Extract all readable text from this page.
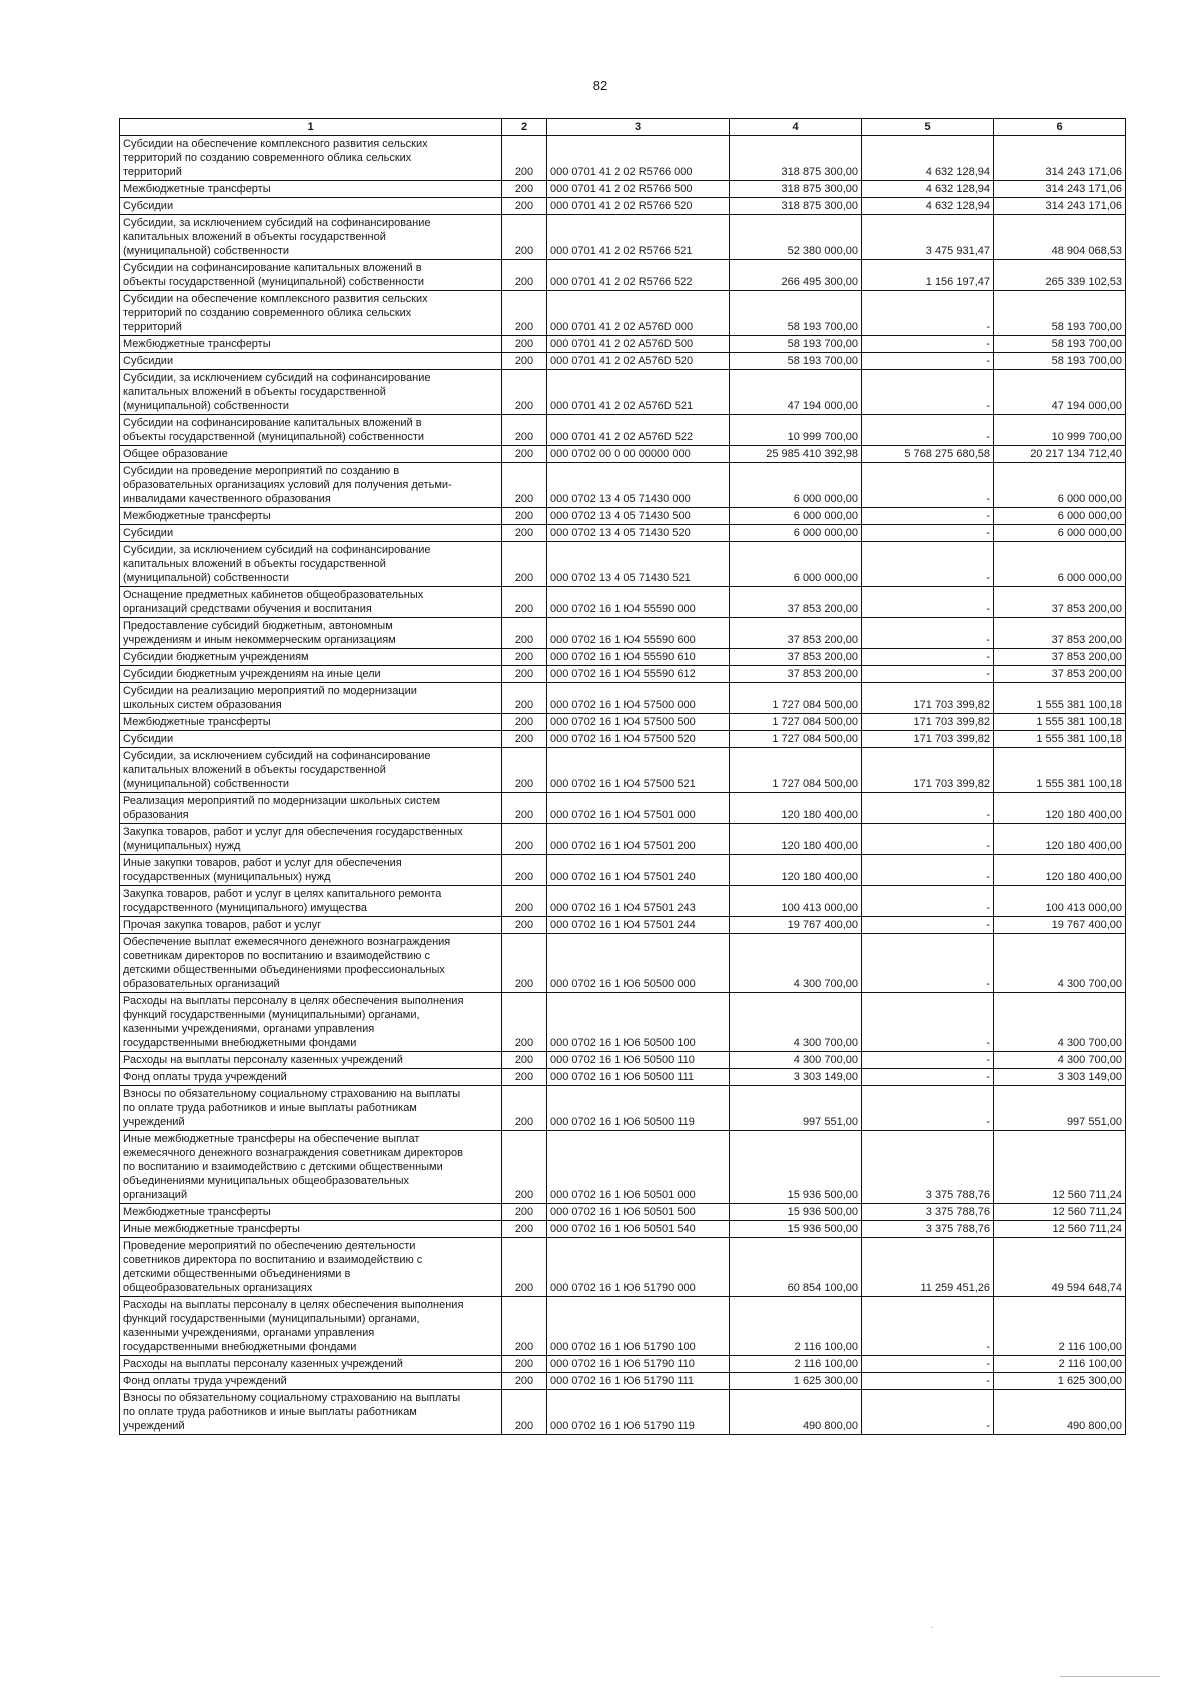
82
1	2	3	4	5	6
Субсидии на обеспечение комплексного развития сельских
территорий по созданию современного облика сельских
территорий	200	000 0701 41 2 02 R5766 000	318 875 300,00	4 632 128,94	314 243 171,06
Межбюджетные трансферты	200	000 0701 41 2 02 R5766 500	318 875 300,00	4 632 128,94	314 243 171,06
Субсидии	200	000 0701 41 2 02 R5766 520	318 875 300,00	4 632 128,94	314 243 171,06
Субсидии, за исключением субсидий на софинансирование
капитальных вложений в объекты государственной
(муниципальной) собственности	200	000 0701 41 2 02 R5766 521	52 380 000,00	3 475 931,47	48 904 068,53
Субсидии на софинансирование капитальных вложений в
объекты государственной (муниципальной) собственности	200	000 0701 41 2 02 R5766 522	266 495 300,00	1 156 197,47	265 339 102,53
Субсидии на обеспечение комплексного развития сельских
территорий по созданию современного облика сельских
территорий	200	000 0701 41 2 02 A576D 000	58 193 700,00	-	58 193 700,00
Межбюджетные трансферты	200	000 0701 41 2 02 A576D 500	58 193 700,00	-	58 193 700,00
Субсидии	200	000 0701 41 2 02 A576D 520	58 193 700,00	-	58 193 700,00
Субсидии, за исключением субсидий на софинансирование
капитальных вложений в объекты государственной
(муниципальной) собственности	200	000 0701 41 2 02 A576D 521	47 194 000,00	-	47 194 000,00
Субсидии на софинансирование капитальных вложений в
объекты государственной (муниципальной) собственности	200	000 0701 41 2 02 A576D 522	10 999 700,00	-	10 999 700,00
Общее образование	200	000 0702 00 0 00 00000 000	25 985 410 392,98	5 768 275 680,58	20 217 134 712,40
Субсидии на проведение мероприятий по созданию в
образовательных организациях условий для получения детьми-
инвалидами качественного образования	200	000 0702 13 4 05 71430 000	6 000 000,00	-	6 000 000,00
Межбюджетные трансферты	200	000 0702 13 4 05 71430 500	6 000 000,00	-	6 000 000,00
Субсидии	200	000 0702 13 4 05 71430 520	6 000 000,00	-	6 000 000,00
Субсидии, за исключением субсидий на софинансирование
капитальных вложений в объекты государственной
(муниципальной) собственности	200	000 0702 13 4 05 71430 521	6 000 000,00	-	6 000 000,00
Оснащение предметных кабинетов общеобразовательных
организаций средствами обучения и воспитания	200	000 0702 16 1 Ю4 55590 000	37 853 200,00	-	37 853 200,00
Предоставление субсидий бюджетным, автономным
учреждениям и иным некоммерческим организациям	200	000 0702 16 1 Ю4 55590 600	37 853 200,00	-	37 853 200,00
Субсидии бюджетным учреждениям	200	000 0702 16 1 Ю4 55590 610	37 853 200,00	-	37 853 200,00
Субсидии бюджетным учреждениям на иные цели	200	000 0702 16 1 Ю4 55590 612	37 853 200,00	-	37 853 200,00
Субсидии на реализацию мероприятий по модернизации
школьных систем образования	200	000 0702 16 1 Ю4 57500 000	1 727 084 500,00	171 703 399,82	1 555 381 100,18
Межбюджетные трансферты	200	000 0702 16 1 Ю4 57500 500	1 727 084 500,00	171 703 399,82	1 555 381 100,18
Субсидии	200	000 0702 16 1 Ю4 57500 520	1 727 084 500,00	171 703 399,82	1 555 381 100,18
Субсидии, за исключением субсидий на софинансирование
капитальных вложений в объекты государственной
(муниципальной) собственности	200	000 0702 16 1 Ю4 57500 521	1 727 084 500,00	171 703 399,82	1 555 381 100,18
Реализация мероприятий по модернизации школьных систем
образования	200	000 0702 16 1 Ю4 57501 000	120 180 400,00	-	120 180 400,00
Закупка товаров, работ и услуг для обеспечения государственных
(муниципальных) нужд	200	000 0702 16 1 Ю4 57501 200	120 180 400,00	-	120 180 400,00
Иные закупки товаров, работ и услуг для обеспечения
государственных (муниципальных) нужд	200	000 0702 16 1 Ю4 57501 240	120 180 400,00	-	120 180 400,00
Закупка товаров, работ и услуг в целях капитального ремонта
государственного (муниципального) имущества	200	000 0702 16 1 Ю4 57501 243	100 413 000,00	-	100 413 000,00
Прочая закупка товаров, работ и услуг	200	000 0702 16 1 Ю4 57501 244	19 767 400,00	-	19 767 400,00
Обеспечение выплат ежемесячного денежного вознаграждения
советникам директоров по воспитанию и взаимодействию с
детскими общественными объединениями профессиональных
образовательных организаций	200	000 0702 16 1 Ю6 50500 000	4 300 700,00	-	4 300 700,00
Расходы на выплаты персоналу в целях обеспечения выполнения
функций государственными (муниципальными) органами,
казенными учреждениями, органами управления
государственными внебюджетными фондами	200	000 0702 16 1 Ю6 50500 100	4 300 700,00	-	4 300 700,00
Расходы на выплаты персоналу казенных учреждений	200	000 0702 16 1 Ю6 50500 110	4 300 700,00	-	4 300 700,00
Фонд оплаты труда учреждений	200	000 0702 16 1 Ю6 50500 111	3 303 149,00	-	3 303 149,00
Взносы по обязательному социальному страхованию на выплаты
по оплате труда работников и иные выплаты работникам
учреждений	200	000 0702 16 1 Ю6 50500 119	997 551,00	-	997 551,00
Иные межбюджетные трансферы на обеспечение выплат
ежемесячного денежного вознаграждения советникам директоров
по воспитанию и взаимодействию с детскими общественными
объединениями муниципальных общеобразовательных
организаций	200	000 0702 16 1 Ю6 50501 000	15 936 500,00	3 375 788,76	12 560 711,24
Межбюджетные трансферты	200	000 0702 16 1 Ю6 50501 500	15 936 500,00	3 375 788,76	12 560 711,24
Иные межбюджетные трансферты	200	000 0702 16 1 Ю6 50501 540	15 936 500,00	3 375 788,76	12 560 711,24
Проведение мероприятий по обеспечению деятельности
советников директора по воспитанию и взаимодействию с
детскими общественными объединениями в
общеобразовательных организациях	200	000 0702 16 1 Ю6 51790 000	60 854 100,00	11 259 451,26	49 594 648,74
Расходы на выплаты персоналу в целях обеспечения выполнения
функций государственными (муниципальными) органами,
казенными учреждениями, органами управления
государственными внебюджетными фондами	200	000 0702 16 1 Ю6 51790 100	2 116 100,00	-	2 116 100,00
Расходы на выплаты персоналу казенных учреждений	200	000 0702 16 1 Ю6 51790 110	2 116 100,00	-	2 116 100,00
Фонд оплаты труда учреждений	200	000 0702 16 1 Ю6 51790 111	1 625 300,00	-	1 625 300,00
Взносы по обязательному социальному страхованию на выплаты
по оплате труда работников и иные выплаты работникам
учреждений	200	000 0702 16 1 Ю6 51790 119	490 800,00	-	490 800,00
·
